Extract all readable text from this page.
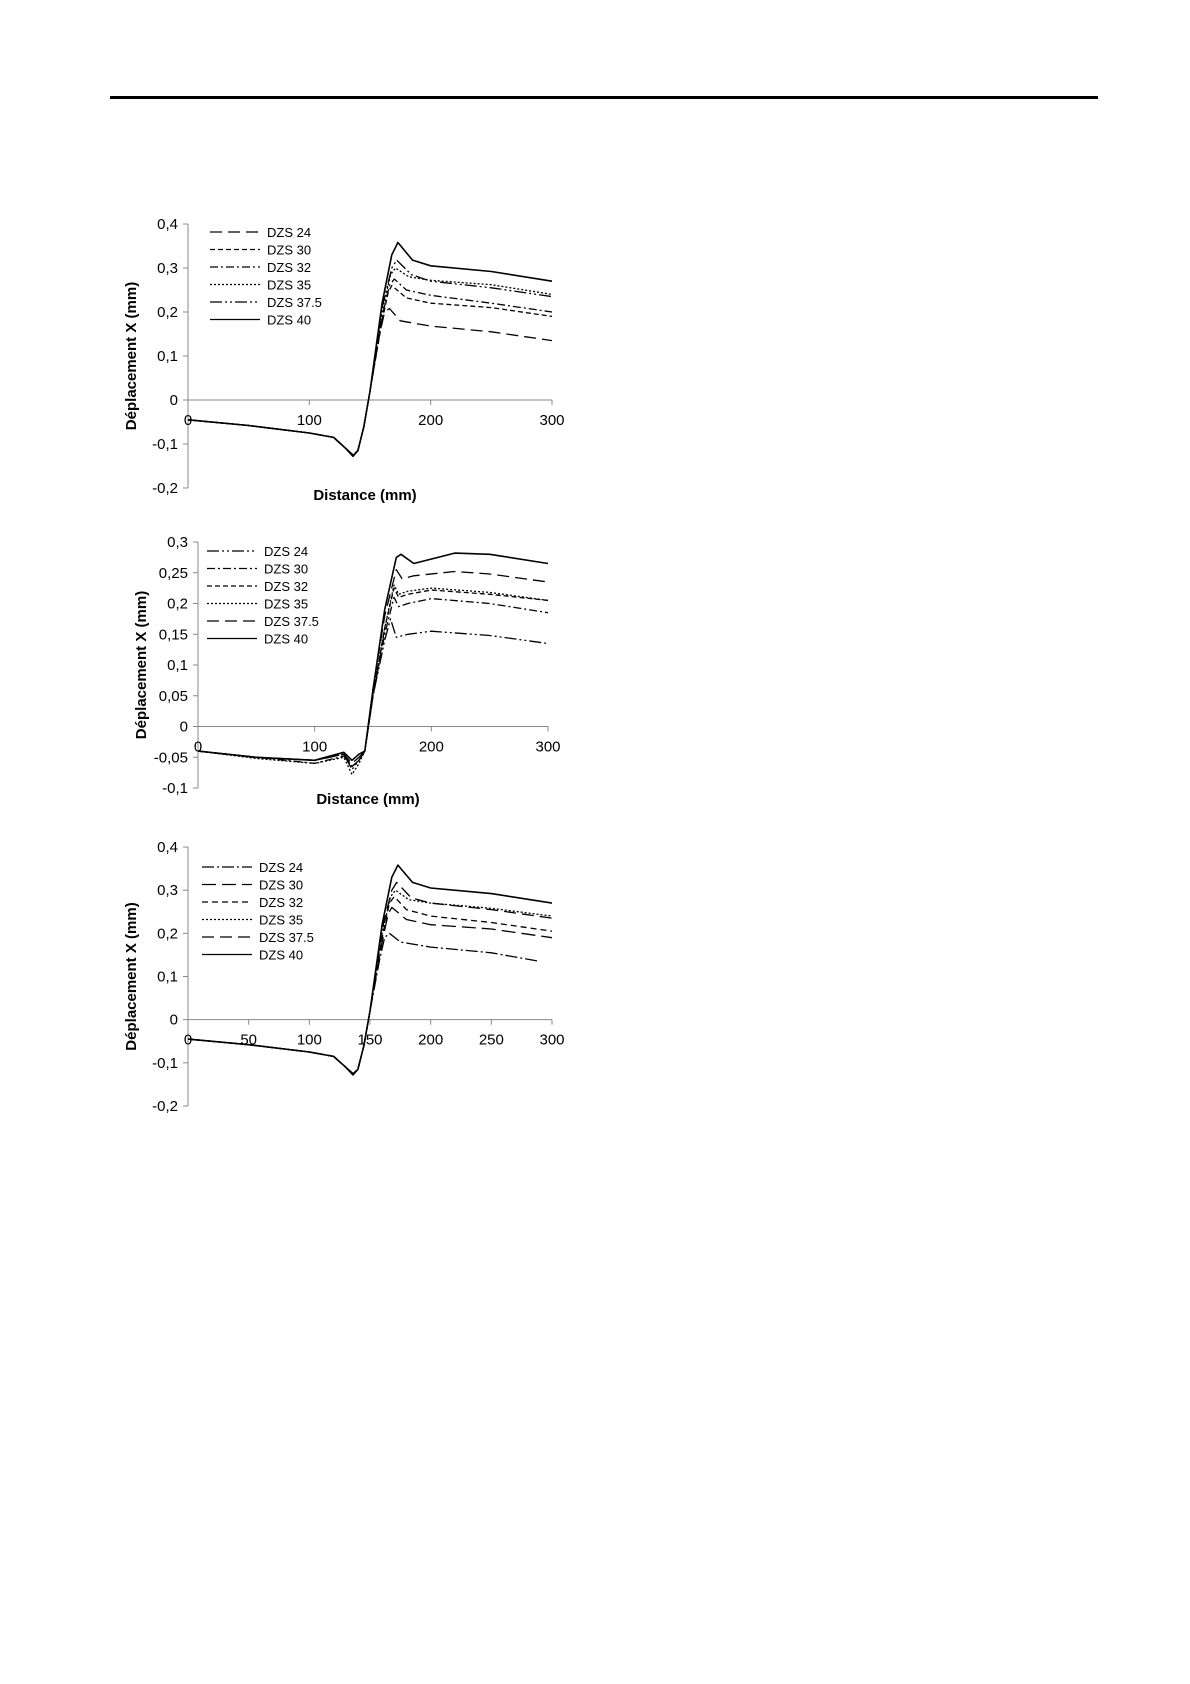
-0,2
-0,1
0
0,1
0,2
0,3
0,4
0	100	200	300
Distance (mm)
Déplacement X (mm)
DZS 24
DZS 30
DZS 32
DZS 35
DZS 37.5
DZS 40
-0,1
-0,05
0
0,05
0,1
0,15
0,2
0,25
0,3
0	100	200	300
Distance (mm)
Déplacement X (mm)
DZS 24
DZS 30
DZS 32
DZS 35
DZS 37.5
DZS 40
-0,2
-0,1
0
0,1
0,2
0,3
0,4
0	50	100 150 200 250 300
Déplacement X (mm)
DZS 24
DZS 30
DZS 32
DZS 35
DZS 37.5
DZS 40
